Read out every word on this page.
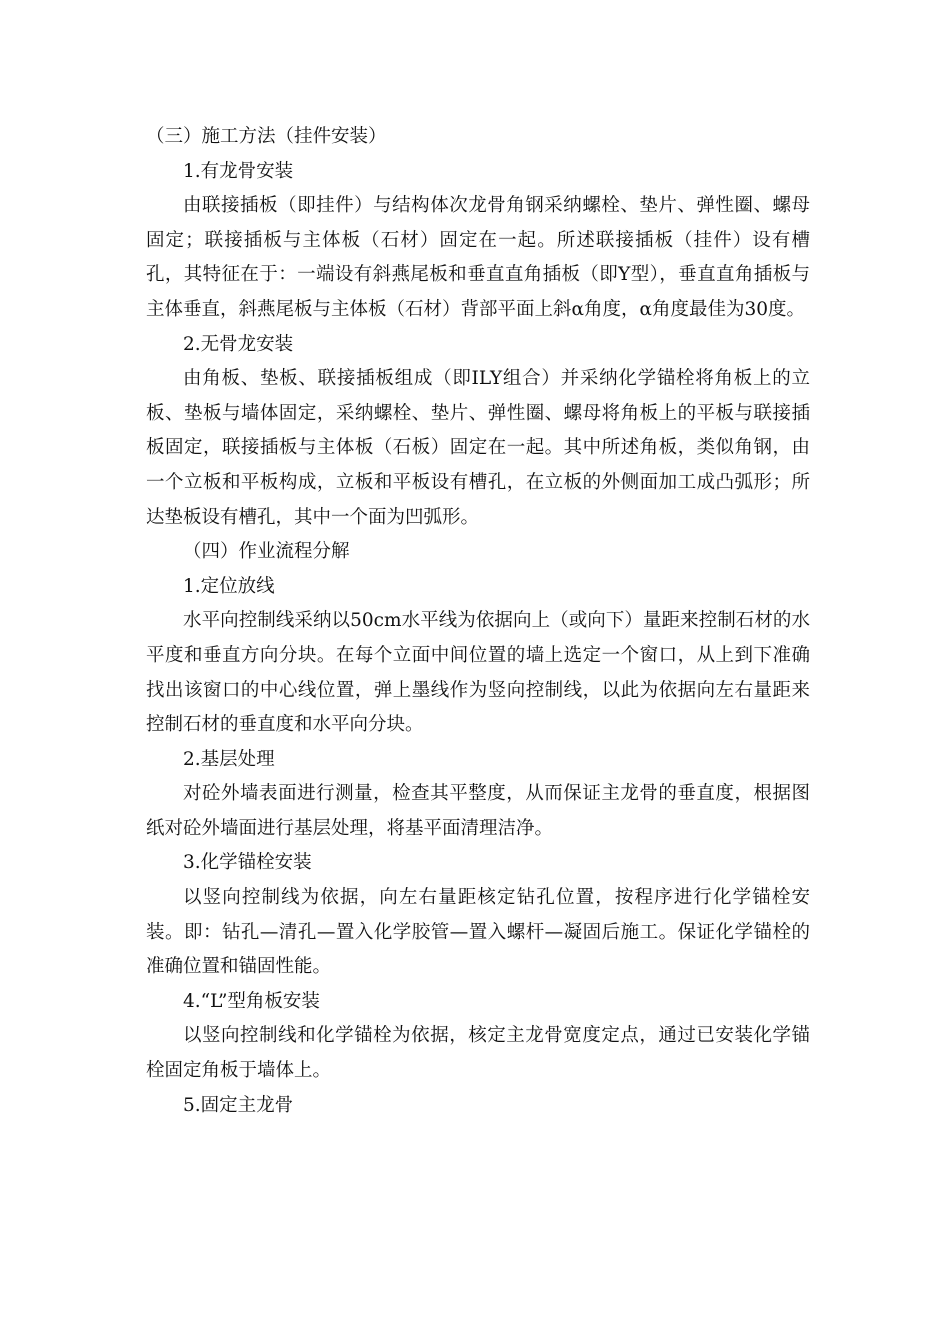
（三）施工方法（挂件安装）

1.有龙骨安装

由联接插板（即挂件）与结构体次龙骨角钢采纳螺栓、垫片、弹性圈、螺母固定；联接插板与主体板（石材）固定在一起。所述联接插板（挂件）设有槽孔，其特征在于：一端设有斜燕尾板和垂直直角插板（即Y型），垂直直角插板与主体垂直，斜燕尾板与主体板（石材）背部平面上斜α角度，α角度最佳为30度。

2.无骨龙安装

由角板、垫板、联接插板组成（即ILY组合）并采纳化学锚栓将角板上的立板、垫板与墙体固定，采纳螺栓、垫片、弹性圈、螺母将角板上的平板与联接插板固定，联接插板与主体板（石板）固定在一起。其中所述角板，类似角钢，由一个立板和平板构成，立板和平板设有槽孔，在立板的外侧面加工成凸弧形；所达垫板设有槽孔，其中一个面为凹弧形。

（四）作业流程分解

1.定位放线

水平向控制线采纳以50cm水平线为依据向上（或向下）量距来控制石材的水平度和垂直方向分块。在每个立面中间位置的墙上选定一个窗口，从上到下准确找出该窗口的中心线位置，弹上墨线作为竖向控制线，以此为依据向左右量距来控制石材的垂直度和水平向分块。

2.基层处理

对砼外墙表面进行测量，检查其平整度，从而保证主龙骨的垂直度，根据图纸对砼外墙面进行基层处理，将基平面清理洁净。

3.化学锚栓安装

以竖向控制线为依据，向左右量距核定钻孔位置，按程序进行化学锚栓安装。即：钻孔—清孔—置入化学胶管—置入螺杆—凝固后施工。保证化学锚栓的准确位置和锚固性能。

4.“L”型角板安装

以竖向控制线和化学锚栓为依据，核定主龙骨宽度定点，通过已安装化学锚栓固定角板于墙体上。

5.固定主龙骨
